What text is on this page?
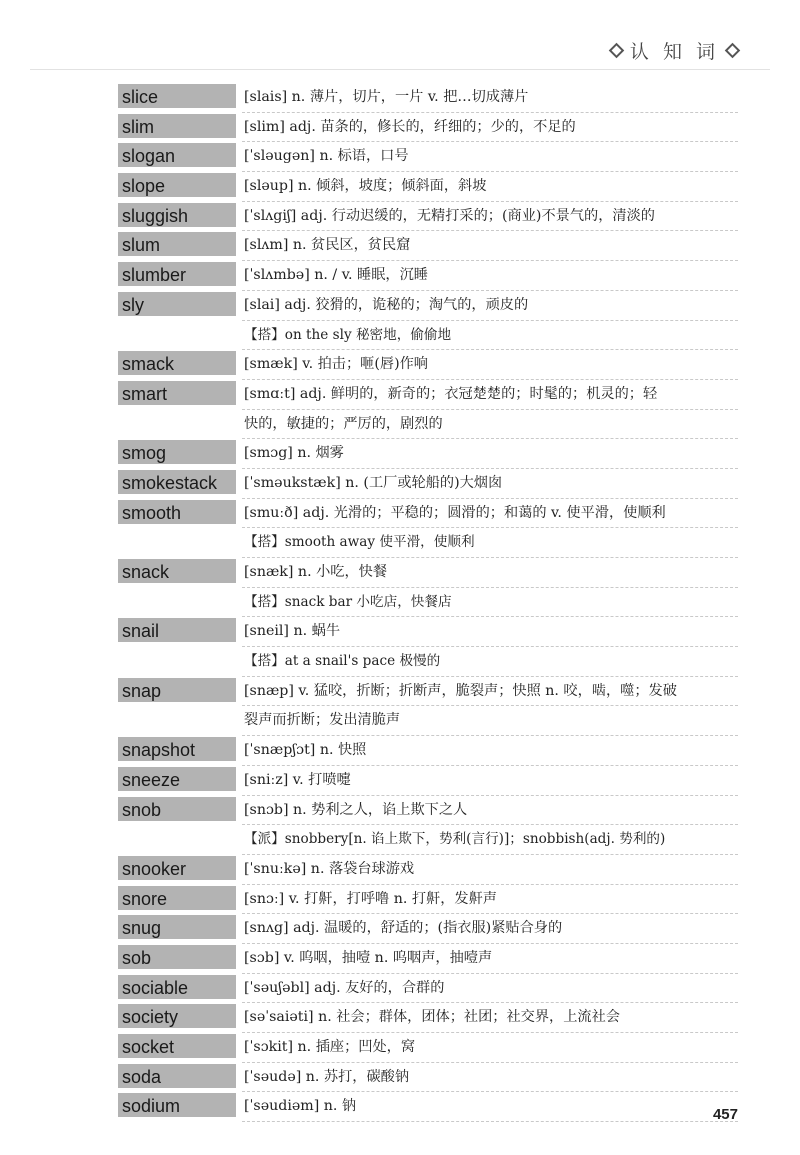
认 知 词
slice	[slais] n. 薄片，切片，一片 v. 把…切成薄片
slim	[slim] adj. 苗条的，修长的，纤细的；少的，不足的
slogan	[ˈsləugən] n. 标语，口号
slope	[sləup] n. 倾斜，坡度；倾斜面，斜坡
sluggish	[ˈslʌgiʃ] adj. 行动迟缓的，无精打采的；(商业)不景气的，清淡的
slum	[slʌm] n. 贫民区，贫民窟
slumber	[ˈslʌmbə] n. / v. 睡眠，沉睡
sly	[slai] adj. 狡猾的，诡秘的；淘气的，顽皮的
【搭】on the sly 秘密地，偷偷地
smack	[smæk] v. 拍击；咂(唇)作响
smart	[smɑːt] adj. 鲜明的，新奇的；衣冠楚楚的；时髦的；机灵的；轻
快的，敏捷的；严厉的，剧烈的
smog	[smɔg] n. 烟雾
smokestack	[ˈsməukstæk] n. (工厂或轮船的)大烟囱
smooth	[smuːð] adj. 光滑的；平稳的；圆滑的；和蔼的 v. 使平滑，使顺利
【搭】smooth away 使平滑，使顺利
snack	[snæk] n. 小吃，快餐
【搭】snack bar 小吃店，快餐店
snail	[sneil] n. 蜗牛
【搭】at a snail's pace 极慢的
snap	[snæp] v. 猛咬，折断；折断声，脆裂声；快照 n. 咬，啮，噬；发破
裂声而折断；发出清脆声
snapshot	[ˈsnæpʃɔt] n. 快照
sneeze	[sniːz] v. 打喷嚏
snob	[snɔb] n. 势利之人，谄上欺下之人
【派】snobbery[n. 谄上欺下，势利(言行)]；snobbish(adj. 势利的)
snooker	[ˈsnuːkə] n. 落袋台球游戏
snore	[snɔː] v. 打鼾，打呼噜 n. 打鼾，发鼾声
snug	[snʌg] adj. 温暖的，舒适的；(指衣服)紧贴合身的
sob	[sɔb] v. 呜咽，抽噎 n. 呜咽声，抽噎声
sociable	[ˈsəuʃəbl] adj. 友好的，合群的
society	[səˈsaiəti] n. 社会；群体，团体；社团；社交界，上流社会
socket	[ˈsɔkit] n. 插座；凹处，窝
soda	[ˈsəudə] n. 苏打，碳酸钠
sodium	[ˈsəudiəm] n. 钠	457
